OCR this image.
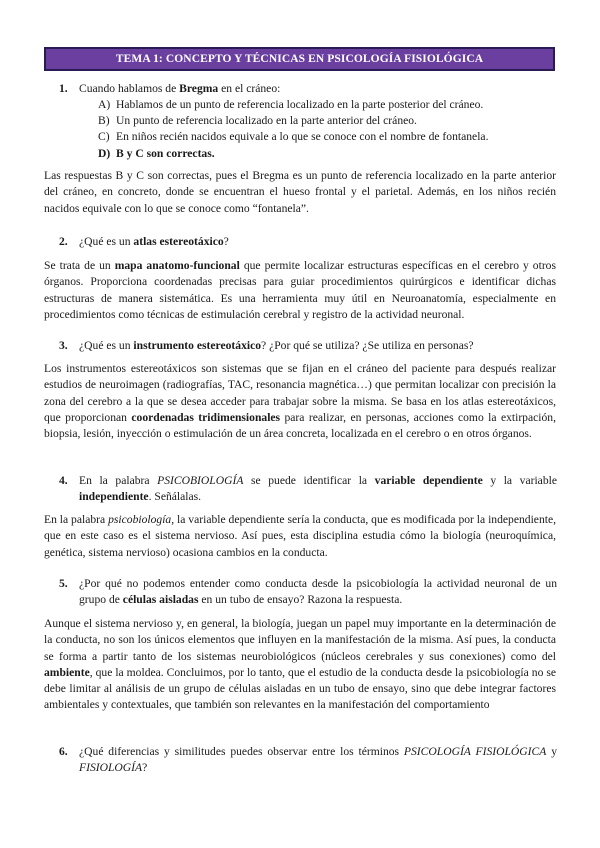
TEMA 1: CONCEPTO Y TÉCNICAS EN PSICOLOGÍA FISIOLÓGICA
1. Cuando hablamos de Bregma en el cráneo:
A) Hablamos de un punto de referencia localizado en la parte posterior del cráneo.
B) Un punto de referencia localizado en la parte anterior del cráneo.
C) En niños recién nacidos equivale a lo que se conoce con el nombre de fontanela.
D) B y C son correctas.
Las respuestas B y C son correctas, pues el Bregma es un punto de referencia localizado en la parte anterior del cráneo, en concreto, donde se encuentran el hueso frontal y el parietal. Además, en los niños recién nacidos equivale con lo que se conoce como “fontanela”.
2. ¿Qué es un atlas estereotáxico?
Se trata de un mapa anatomo-funcional que permite localizar estructuras específicas en el cerebro y otros órganos. Proporciona coordenadas precisas para guiar procedimientos quirúrgicos e identificar dichas estructuras de manera sistemática. Es una herramienta muy útil en Neuroanatomía, especialmente en procedimientos como técnicas de estimulación cerebral y registro de la actividad neuronal.
3. ¿Qué es un instrumento estereotáxico? ¿Por qué se utiliza? ¿Se utiliza en personas?
Los instrumentos estereotáxicos son sistemas que se fijan en el cráneo del paciente para después realizar estudios de neuroimagen (radiografías, TAC, resonancia magnética…) que permitan localizar con precisión la zona del cerebro a la que se desea acceder para trabajar sobre la misma. Se basa en los atlas estereotáxicos, que proporcionan coordenadas tridimensionales para realizar, en personas, acciones como la extirpación, biopsia, lesión, inyección o estimulación de un área concreta, localizada en el cerebro o en otros órganos.
4. En la palabra PSICOBIOLOGÍA se puede identificar la variable dependiente y la variable independiente. Señálalas.
En la palabra psicobiología, la variable dependiente sería la conducta, que es modificada por la independiente, que en este caso es el sistema nervioso. Así pues, esta disciplina estudia cómo la biología (neuroquímica, genética, sistema nervioso) ocasiona cambios en la conducta.
5. ¿Por qué no podemos entender como conducta desde la psicobiología la actividad neuronal de un grupo de células aisladas en un tubo de ensayo? Razona la respuesta.
Aunque el sistema nervioso y, en general, la biología, juegan un papel muy importante en la determinación de la conducta, no son los únicos elementos que influyen en la manifestación de la misma. Así pues, la conducta se forma a partir tanto de los sistemas neurobiológicos (núcleos cerebrales y sus conexiones) como del ambiente, que la moldea. Concluimos, por lo tanto, que el estudio de la conducta desde la psicobiología no se debe limitar al análisis de un grupo de células aisladas en un tubo de ensayo, sino que debe integrar factores ambientales y contextuales, que también son relevantes en la manifestación del comportamiento
6. ¿Qué diferencias y similitudes puedes observar entre los términos PSICOLOGÍA FISIOLÓGICA y FISIOLOGÍA?
